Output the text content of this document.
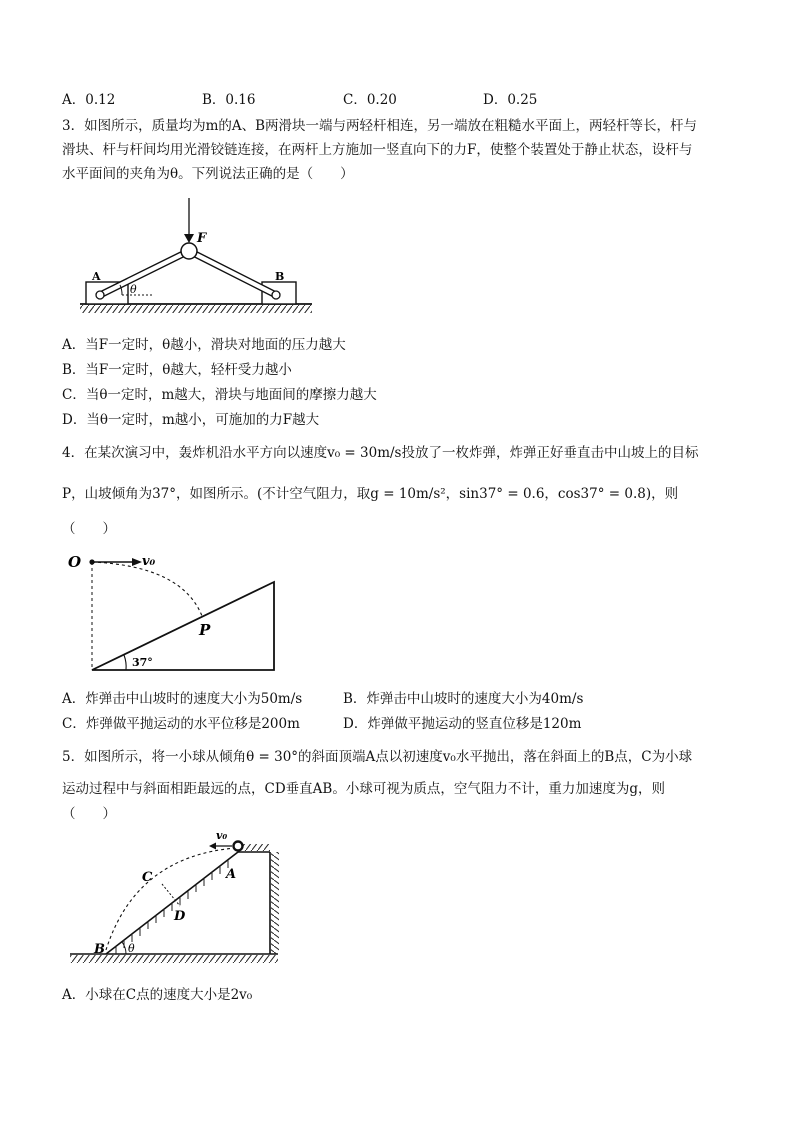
A．0.12	B．0.16	C．0.20	D．0.25
3．如图所示，质量均为m的A、B两滑块一端与两轻杆相连，另一端放在粗糙水平面上，两轻杆等长，杆与
滑块、杆与杆间均用光滑铰链连接，在两杆上方施加一竖直向下的力F，使整个装置处于静止状态，设杆与
水平面间的夹角为θ。下列说法正确的是（　　）
F
A	B
θ
A．当F一定时，θ越小，滑块对地面的压力越大
B．当F一定时，θ越大，轻杆受力越小
C．当θ一定时，m越大，滑块与地面间的摩擦力越大
D．当θ一定时，m越小，可施加的力F越大
4．在某次演习中，轰炸机沿水平方向以速度v₀ = 30m/s投放了一枚炸弹，炸弹正好垂直击中山坡上的目标
P，山坡倾角为37°，如图所示。(不计空气阻力，取g = 10m/s²，sin37° = 0.6，cos37° = 0.8)，则
（　　）
O	v₀
P
37°
A．炸弹击中山坡时的速度大小为50m/s	B．炸弹击中山坡时的速度大小为40m/s
C．炸弹做平抛运动的水平位移是200m	D．炸弹做平抛运动的竖直位移是120m
5．如图所示，将一小球从倾角θ = 30°的斜面顶端A点以初速度v₀水平抛出，落在斜面上的B点，C为小球
运动过程中与斜面相距最远的点，CD垂直AB。小球可视为质点，空气阻力不计，重力加速度为g，则
（　　）
v₀
A
C
D
B θ
A．小球在C点的速度大小是2v₀
